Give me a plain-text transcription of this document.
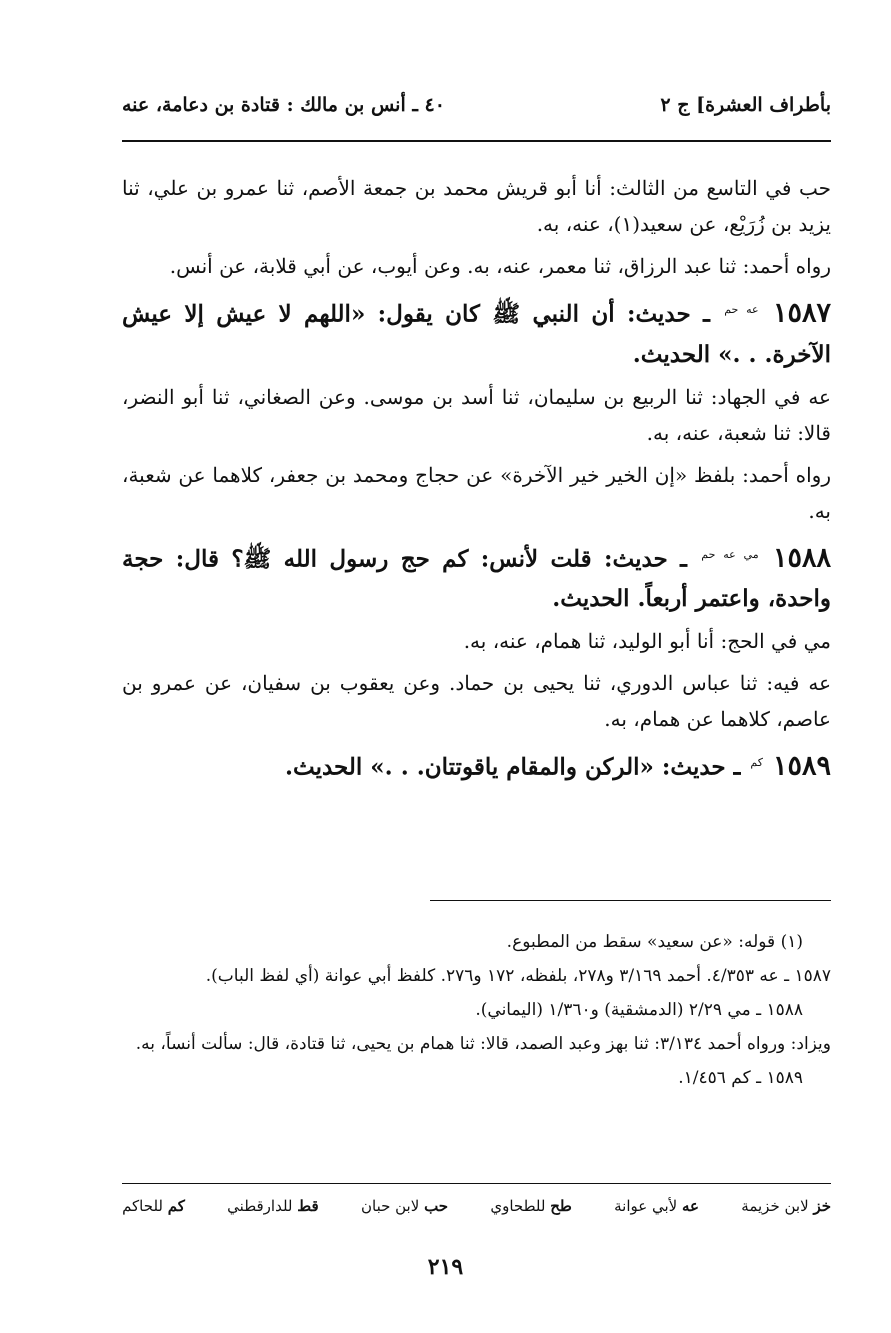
بأطراف العشرة] ج ٢
٤٠ ـ أنس بن مالك : قتادة بن دعامة، عنه

حب في التاسع من الثالث: أنا أبو قريش محمد بن جمعة الأصم، ثنا عمرو بن علي، ثنا يزيد بن زُرَيْع، عن سعيد(١)، عنه، به.

رواه أحمد: ثنا عبد الرزاق، ثنا معمر، عنه، به. وعن أيوب، عن أبي قلابة، عن أنس.

١٥٨٧ $^{عه حم}$ ـ حديث: أن النبي ﷺ كان يقول: «اللهم لا عيش إلا عيش الآخرة. . .» الحديث.

عه في الجهاد: ثنا الربيع بن سليمان، ثنا أسد بن موسى. وعن الصغاني، ثنا أبو النضر، قالا: ثنا شعبة، عنه، به.

رواه أحمد: بلفظ «إن الخير خير الآخرة» عن حجاج ومحمد بن جعفر، كلاهما عن شعبة، به.

١٥٨٨ $^{مي عه حم}$ ـ حديث: قلت لأنس: كم حج رسول الله ﷺ؟ قال: حجة واحدة، واعتمر أربعاً. الحديث.

مي في الحج: أنا أبو الوليد، ثنا همام، عنه، به.

عه فيه: ثنا عباس الدوري، ثنا يحيى بن حماد. وعن يعقوب بن سفيان، عن عمرو بن عاصم، كلاهما عن همام، به.

١٥٨٩ $^{كم}$ ـ حديث: «الركن والمقام ياقوتتان. . .» الحديث.

(١) قوله: «عن سعيد» سقط من المطبوع.

١٥٨٧ ـ عه ٤/٣٥٣. أحمد ٣/١٦٩ و٢٧٨، بلفظه، ١٧٢ و٢٧٦. كلفظ أبي عوانة (أي لفظ الباب).

١٥٨٨ ـ مي ٢/٢٩ (الدمشقية) و١/٣٦٠ (اليماني).

ويزاد: ورواه أحمد ٣/١٣٤: ثنا بهز وعبد الصمد، قالا: ثنا همام بن يحيى، ثنا قتادة، قال: سألت أنساً، به.

١٥٨٩ ـ كم ١/٤٥٦.

خز لابن خزيمة
عه لأبي عوانة
طح للطحاوي
حب لابن حبان
قط للدارقطني
كم للحاكم
٢١٩
